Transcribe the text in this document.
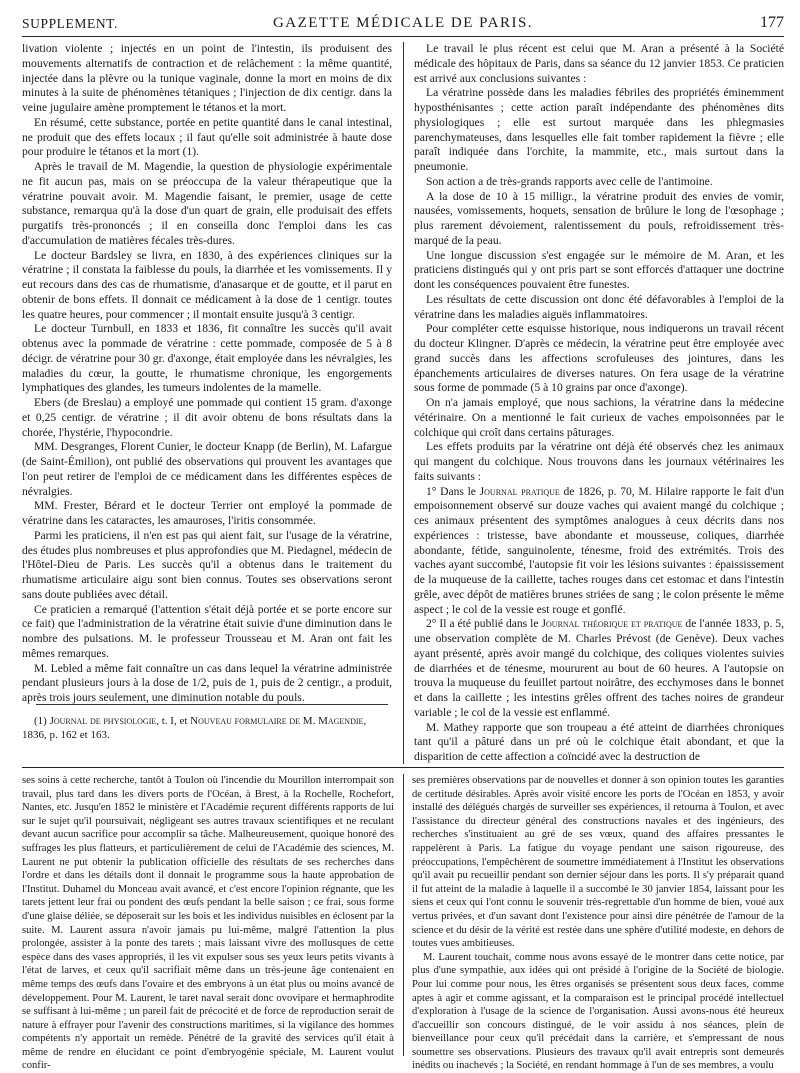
SUPPLEMENT.	GAZETTE MÉDICALE DE PARIS.	177

livation violente ; injectés en un point de l'intestin, ils produisent des mouvements alternatifs de contraction et de relâchement : la même quantité, injectée dans la plèvre ou la tunique vaginale, donne la mort en moins de dix minutes à la suite de phénomènes tétaniques ; l'injection de dix centigr. dans la veine jugulaire amène promptement le tétanos et la mort.

En résumé, cette substance, portée en petite quantité dans le canal intestinal, ne produit que des effets locaux ; il faut qu'elle soit administrée à haute dose pour produire le tétanos et la mort (1).

Après le travail de M. Magendie, la question de physiologie expérimentale ne fit aucun pas, mais on se préoccupa de la valeur thérapeutique que la vératrine pouvait avoir. M. Magendie faisant, le premier, usage de cette substance, remarqua qu'à la dose d'un quart de grain, elle produisait des effets purgatifs très-prononcés ; il en conseilla donc l'emploi dans les cas d'accumulation de matières fécales très-dures.

Le docteur Bardsley se livra, en 1830, à des expériences cliniques sur la vératrine ; il constata la faiblesse du pouls, la diarrhée et les vomissements. Il y eut recours dans des cas de rhumatisme, d'anasarque et de goutte, et il parut en obtenir de bons effets. Il donnait ce médicament à la dose de 1 centigr. toutes les quatre heures, pour commencer ; il montait ensuite jusqu'à 3 centigr.

Le docteur Turnbull, en 1833 et 1836, fit connaître les succès qu'il avait obtenus avec la pommade de vératrine : cette pommade, composée de 5 à 8 décigr. de vératrine pour 30 gr. d'axonge, était employée dans les névralgies, les maladies du cœur, la goutte, le rhumatisme chronique, les engorgements lymphatiques des glandes, les tumeurs indolentes de la mamelle.

Ebers (de Breslau) a employé une pommade qui contient 15 gram. d'axonge et 0,25 centigr. de vératrine ; il dit avoir obtenu de bons résultats dans la chorée, l'hystérie, l'hypocondrie.

MM. Desgranges, Florent Cunier, le docteur Knapp (de Berlin), M. Lafargue (de Saint-Émilion), ont publié des observations qui prouvent les avantages que l'on peut retirer de l'emploi de ce médicament dans les différentes espèces de névralgies.

MM. Frester, Bérard et le docteur Terrier ont employé la pommade de vératrine dans les cataractes, les amauroses, l'iritis consommée.

Parmi les praticiens, il n'en est pas qui aient fait, sur l'usage de la vératrine, des études plus nombreuses et plus approfondies que M. Piedagnel, médecin de l'Hôtel-Dieu de Paris. Les succès qu'il a obtenus dans le traitement du rhumatisme articulaire aigu sont bien connus. Toutes ses observations seront sans doute publiées avec détail.

Ce praticien a remarqué (l'attention s'était déjà portée et se porte encore sur ce fait) que l'administration de la vératrine était suivie d'une diminution dans le nombre des pulsations. M. le professeur Trousseau et M. Aran ont fait les mêmes remarques.

M. Lebled a même fait connaître un cas dans lequel la vératrine administrée pendant plusieurs jours à la dose de 1/2, puis de 1, puis de 2 centigr., a produit, après trois jours seulement, une diminution notable du pouls.

(1) Journal de physiologie, t. I, et Nouveau formulaire de M. Magendie, 1836, p. 162 et 163.

Le travail le plus récent est celui que M. Aran a présenté à la Société médicale des hôpitaux de Paris, dans sa séance du 12 janvier 1853. Ce praticien est arrivé aux conclusions suivantes :

La vératrine possède dans les maladies fébriles des propriétés éminemment hyposthénisantes ; cette action paraît indépendante des phénomènes dits physiologiques ; elle est surtout marquée dans les phlegmasies parenchymateuses, dans lesquelles elle fait tomber rapidement la fièvre ; elle paraît indiquée dans l'orchite, la mammite, etc., mais surtout dans la pneumonie.

Son action a de très-grands rapports avec celle de l'antimoine.

A la dose de 10 à 15 milligr., la vératrine produit des envies de vomir, nausées, vomissements, hoquets, sensation de brûlure le long de l'œsophage ; plus rarement dévoiement, ralentissement du pouls, refroidissement très-marqué de la peau.

Une longue discussion s'est engagée sur le mémoire de M. Aran, et les praticiens distingués qui y ont pris part se sont efforcés d'attaquer une doctrine dont les conséquences pouvaient être funestes.

Les résultats de cette discussion ont donc été défavorables à l'emploi de la vératrine dans les maladies aiguës inflammatoires.

Pour compléter cette esquisse historique, nous indiquerons un travail récent du docteur Klingner. D'après ce médecin, la vératrine peut être employée avec grand succès dans les affections scrofuleuses des jointures, dans les épanchements articulaires de diverses natures. On fera usage de la vératrine sous forme de pommade (5 à 10 grains par once d'axonge).

On n'a jamais employé, que nous sachions, la vératrine dans la médecine vétérinaire. On a mentionné le fait curieux de vaches empoisonnées par le colchique qui croît dans certains pâturages.

Les effets produits par la vératrine ont déjà été observés chez les animaux qui mangent du colchique. Nous trouvons dans les journaux vétérinaires les faits suivants :

1° Dans le Journal pratique de 1826, p. 70, M. Hilaire rapporte le fait d'un empoisonnement observé sur douze vaches qui avaient mangé du colchique ; ces animaux présentent des symptômes analogues à ceux décrits dans nos expériences : tristesse, bave abondante et mousseuse, coliques, diarrhée abondante, fétide, sanguinolente, ténesme, froid des extrémités. Trois des vaches ayant succombé, l'autopsie fit voir les lésions suivantes : épaississement de la muqueuse de la caillette, taches rouges dans cet estomac et dans l'intestin grêle, avec dépôt de matières brunes striées de sang ; le colon présente le même aspect ; le col de la vessie est rouge et gonflé.

2° Il a été publié dans le Journal théorique et pratique de l'année 1833, p. 5, une observation complète de M. Charles Prévost (de Genève). Deux vaches ayant présenté, après avoir mangé du colchique, des coliques violentes suivies de diarrhées et de ténesme, moururent au bout de 60 heures. A l'autopsie on trouva la muqueuse du feuillet partout noirâtre, des ecchymoses dans le bonnet et dans la caillette ; les intestins grêles offrent des taches noires de grandeur variable ; le col de la vessie est enflammé.

M. Mathey rapporte que son troupeau a été atteint de diarrhées chroniques tant qu'il a pâturé dans un pré où le colchique était abondant, et que la disparition de cette affection a coïncidé avec la destruction de

ses soins à cette recherche, tantôt à Toulon où l'incendie du Mourillon interrompait son travail, plus tard dans les divers ports de l'Océan, à Brest, à la Rochelle, Rochefort, Nantes, etc. Jusqu'en 1852 le ministère et l'Académie reçurent différents rapports de lui sur le sujet qu'il poursuivait, négligeant ses autres travaux scientifiques et ne reculant devant aucun sacrifice pour accomplir sa tâche. Malheureusement, quoique honoré des suffrages les plus flatteurs, et particulièrement de celui de l'Académie des sciences, M. Laurent ne put obtenir la publication officielle des résultats de ses recherches dans l'ordre et dans les détails dont il donnait le programme sous la haute approbation de l'Institut. Duhamel du Monceau avait avancé, et c'est encore l'opinion régnante, que les tarets jettent leur frai ou pondent des œufs pendant la belle saison ; ce frai, sous forme d'une glaise déliée, se déposerait sur les bois et les individus nuisibles en éclosent par la suite. M. Laurent assura n'avoir jamais pu lui-même, malgré l'attention la plus prolongée, assister à la ponte des tarets ; mais laissant vivre des mollusques de cette espèce dans des vases appropriés, il les vit expulser sous ses yeux leurs petits vivants à l'état de larves, et ceux qu'il sacrifiait même dans un très-jeune âge contenaient en même temps des œufs dans l'ovaire et des embryons à un état plus ou moins avancé de développement. Pour M. Laurent, le taret naval serait donc ovovipare et hermaphrodite se suffisant à lui-même ; un pareil fait de précocité et de force de reproduction serait de nature à effrayer pour l'avenir des constructions maritimes, si la vigilance des hommes compétents n'y apportait un remède. Pénétré de la gravité des services qu'il était à même de rendre en élucidant ce point d'embryogénie spéciale, M. Laurent voulut confir-

ses premières observations par de nouvelles et donner à son opinion toutes les garanties de certitude désirables. Après avoir visité encore les ports de l'Océan en 1853, y avoir installé des délégués chargés de surveiller ses expériences, il retourna à Toulon, et avec l'assistance du directeur général des constructions navales et des ingénieurs, des recherches s'instituaient au gré de ses vœux, quand des affaires pressantes le rappelèrent à Paris. La fatigue du voyage pendant une saison rigoureuse, des préoccupations, l'empêchèrent de soumettre immédiatement à l'Institut les observations qu'il avait pu recueillir pendant son dernier séjour dans les ports. Il s'y préparait quand il fut atteint de la maladie à laquelle il a succombé le 30 janvier 1854, laissant pour les siens et ceux qui l'ont connu le souvenir très-regrettable d'un homme de bien, voué aux vertus privées, et d'un savant dont l'existence pour ainsi dire pénétrée de l'amour de la science et du désir de la vérité est restée dans une sphère d'utilité modeste, en dehors de toutes vues ambitieuses.

M. Laurent touchait, comme nous avons essayé de le montrer dans cette notice, par plus d'une sympathie, aux idées qui ont présidé à l'origine de la Société de biologie. Pour lui comme pour nous, les êtres organisés se présentent sous deux faces, comme aptes à agir et comme agissant, et la comparaison est le principal procédé intellectuel d'exploration à l'usage de la science de l'organisation. Aussi avons-nous été heureux d'accueillir son concours distingué, de le voir assidu à nos séances, plein de bienveillance pour ceux qu'il précédait dans la carrière, et s'empressant de nous soumettre ses observations. Plusieurs des travaux qu'il avait entrepris sont demeurés inédits ou inachevés ; la Société, en rendant hommage à l'un de ses membres, a voulu
